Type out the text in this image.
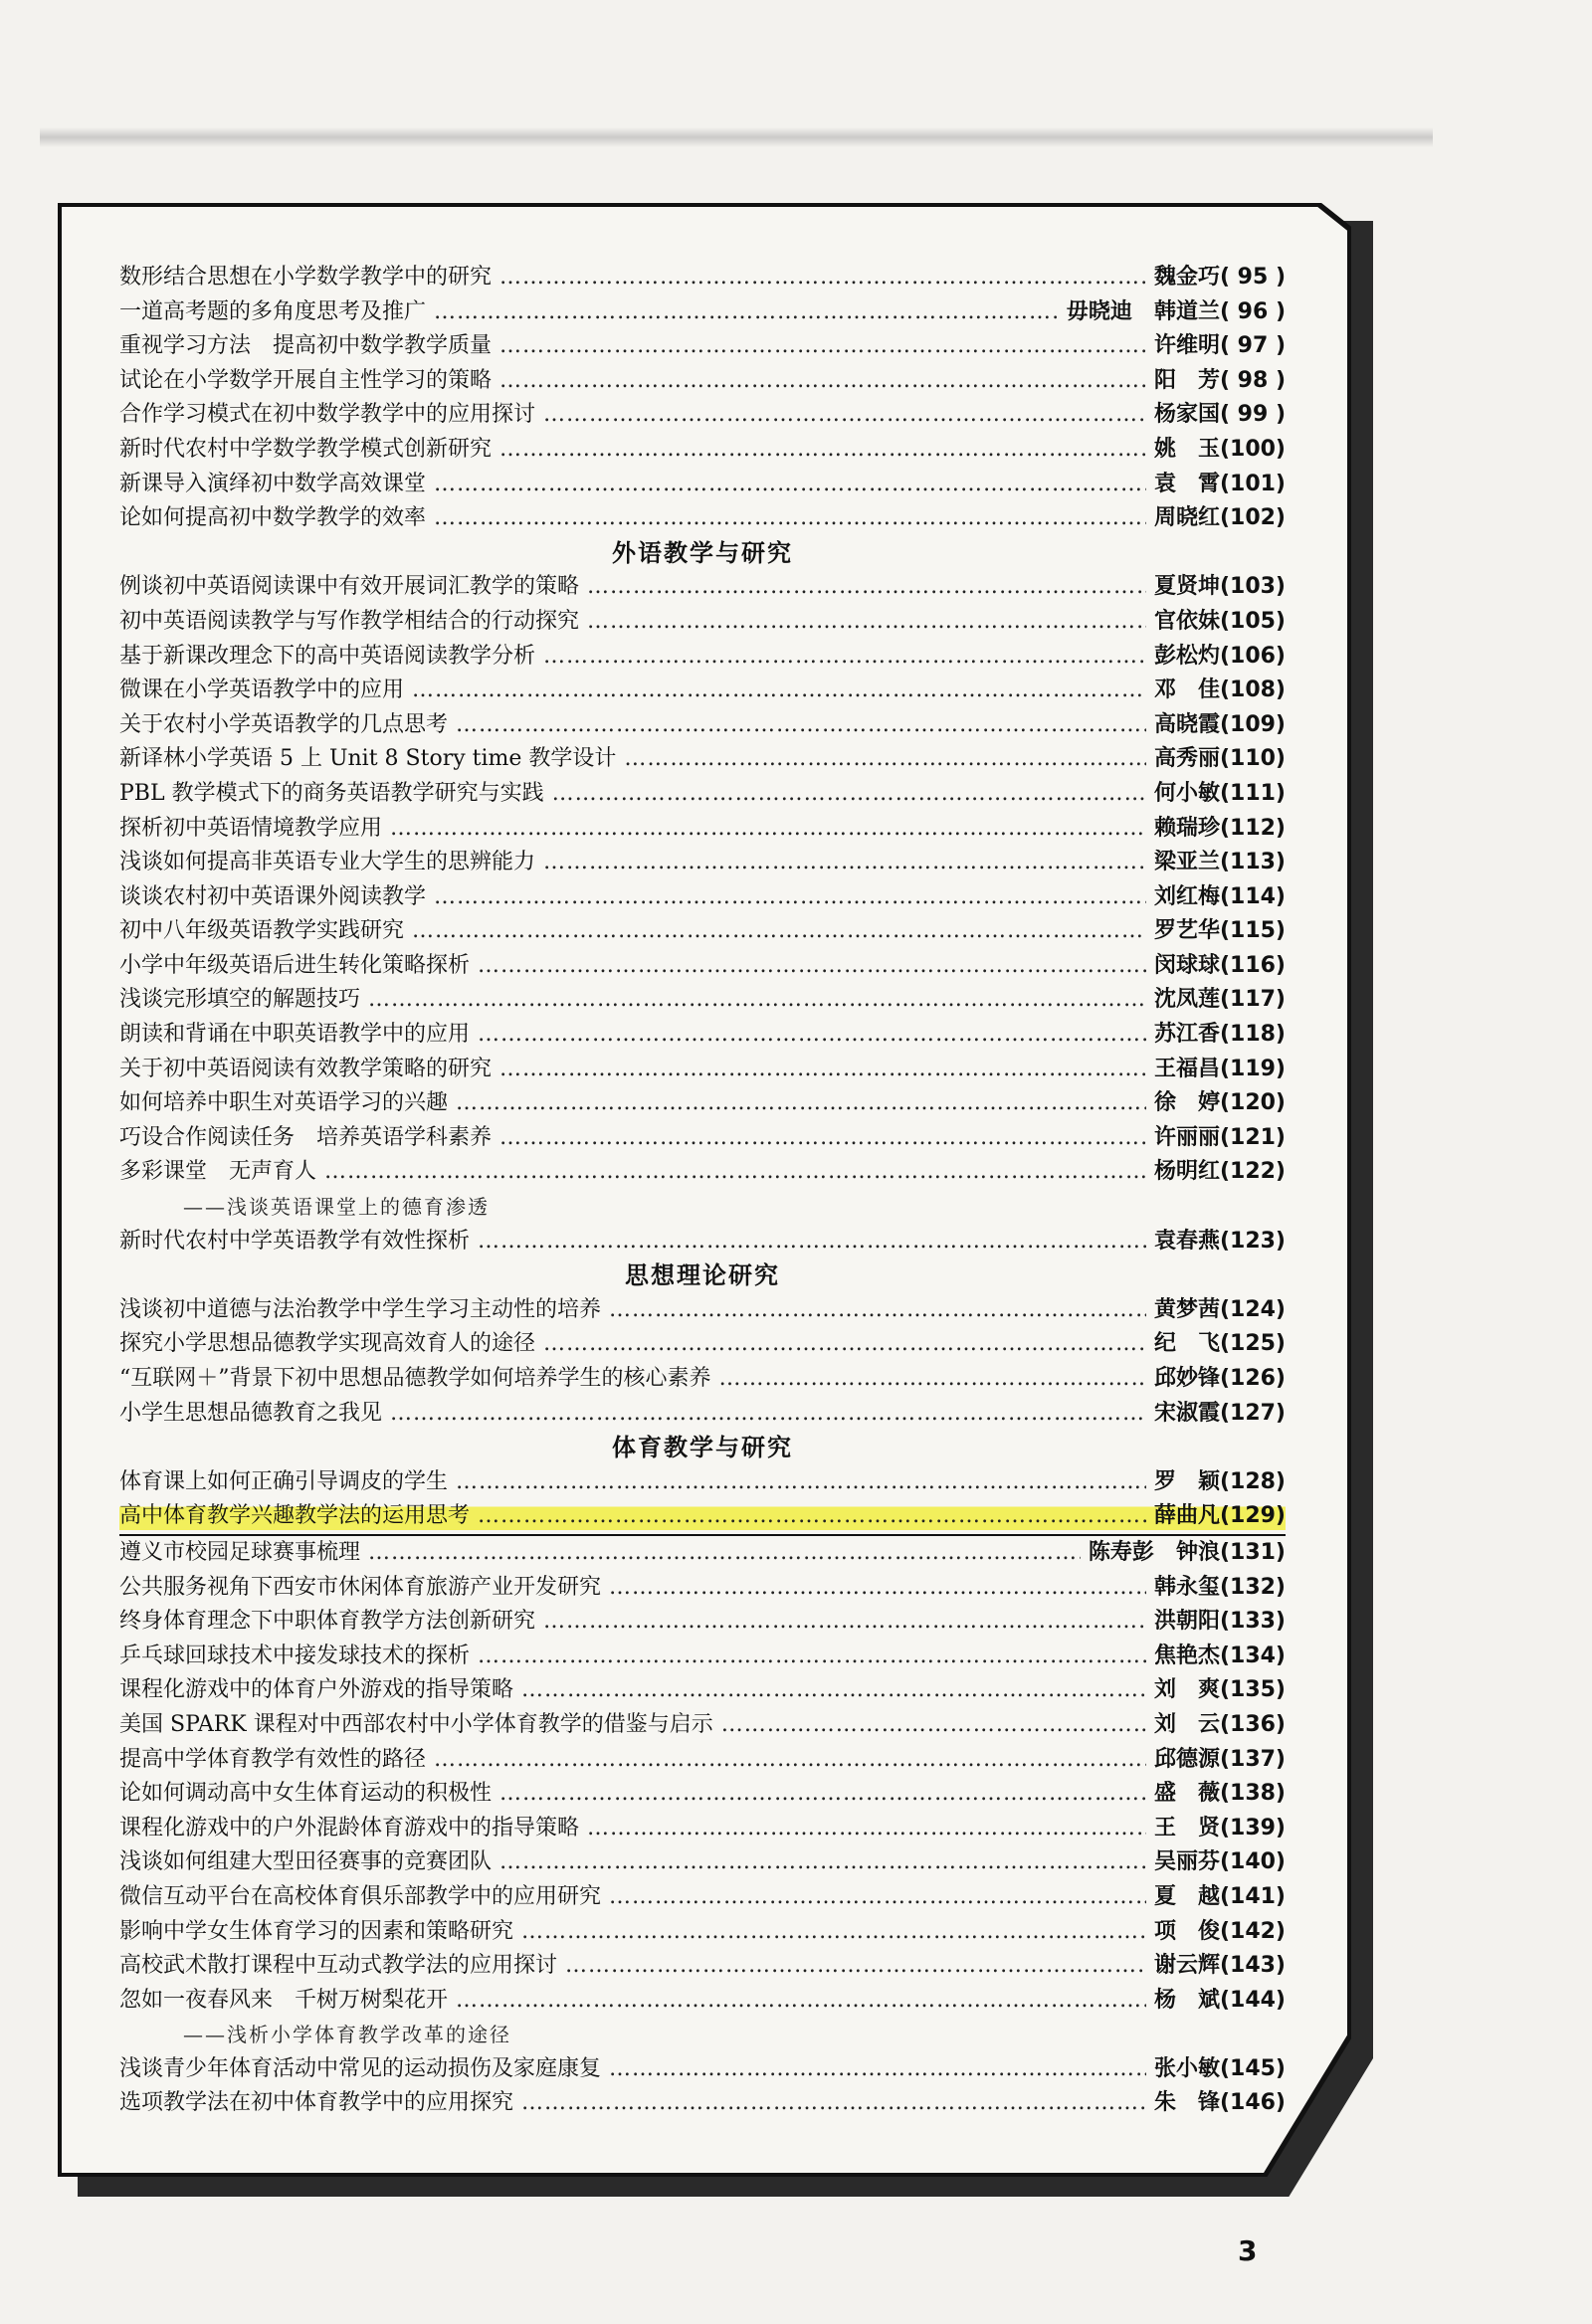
数形结合思想在小学数学教学中的研究 …………………………………………………………………………………………………………………………………………………………………………………………	魏金巧 ( 95 )
一道高考题的多角度思考及推广 …………………………………………………………………………………………………………………………………………………………………………………………	毋晓迪 韩道兰 ( 96 )
重视学习方法　提高初中数学教学质量 …………………………………………………………………………………………………………………………………………………………………………………………	许维明 ( 97 )
试论在小学数学开展自主性学习的策略 …………………………………………………………………………………………………………………………………………………………………………………………	阳　芳 ( 98 )
合作学习模式在初中数学教学中的应用探讨 …………………………………………………………………………………………………………………………………………………………………………………………	杨家国 ( 99 )
新时代农村中学数学教学模式创新研究 …………………………………………………………………………………………………………………………………………………………………………………………	姚　玉 (100)
新课导入演绎初中数学高效课堂 …………………………………………………………………………………………………………………………………………………………………………………………	袁　霄 (101)
论如何提高初中数学教学的效率 …………………………………………………………………………………………………………………………………………………………………………………………	周晓红 (102)
外语教学与研究
例谈初中英语阅读课中有效开展词汇教学的策略 …………………………………………………………………………………………………………………………………………………………………………………………	夏贤坤 (103)
初中英语阅读教学与写作教学相结合的行动探究 …………………………………………………………………………………………………………………………………………………………………………………………	官依妹 (105)
基于新课改理念下的高中英语阅读教学分析 …………………………………………………………………………………………………………………………………………………………………………………………	彭松灼 (106)
微课在小学英语教学中的应用 …………………………………………………………………………………………………………………………………………………………………………………………	邓　佳 (108)
关于农村小学英语教学的几点思考 …………………………………………………………………………………………………………………………………………………………………………………………	高晓霞 (109)
新译林小学英语 5 上 Unit 8 Story time 教学设计 …………………………………………………………………………………………………………………………………………………………………………………………	高秀丽 (110)
PBL 教学模式下的商务英语教学研究与实践 …………………………………………………………………………………………………………………………………………………………………………………………	何小敏 (111)
探析初中英语情境教学应用 …………………………………………………………………………………………………………………………………………………………………………………………	赖瑞珍 (112)
浅谈如何提高非英语专业大学生的思辨能力 …………………………………………………………………………………………………………………………………………………………………………………………	梁亚兰 (113)
谈谈农村初中英语课外阅读教学 …………………………………………………………………………………………………………………………………………………………………………………………	刘红梅 (114)
初中八年级英语教学实践研究 …………………………………………………………………………………………………………………………………………………………………………………………	罗艺华 (115)
小学中年级英语后进生转化策略探析 …………………………………………………………………………………………………………………………………………………………………………………………	闵球球 (116)
浅谈完形填空的解题技巧 …………………………………………………………………………………………………………………………………………………………………………………………	沈凤莲 (117)
朗读和背诵在中职英语教学中的应用 …………………………………………………………………………………………………………………………………………………………………………………………	苏江香 (118)
关于初中英语阅读有效教学策略的研究 …………………………………………………………………………………………………………………………………………………………………………………………	王福昌 (119)
如何培养中职生对英语学习的兴趣 …………………………………………………………………………………………………………………………………………………………………………………………	徐　婷 (120)
巧设合作阅读任务　培养英语学科素养 …………………………………………………………………………………………………………………………………………………………………………………………	许丽丽 (121)
多彩课堂　无声育人 …………………………………………………………………………………………………………………………………………………………………………………………	杨明红 (122)
——浅谈英语课堂上的德育渗透
新时代农村中学英语教学有效性探析 …………………………………………………………………………………………………………………………………………………………………………………………	袁春燕 (123)
思想理论研究
浅谈初中道德与法治教学中学生学习主动性的培养 …………………………………………………………………………………………………………………………………………………………………………………………	黄梦茜 (124)
探究小学思想品德教学实现高效育人的途径 …………………………………………………………………………………………………………………………………………………………………………………………	纪　飞 (125)
“互联网＋”背景下初中思想品德教学如何培养学生的核心素养 …………………………………………………………………………………………………………………………………………………………………………………………	邱妙锋 (126)
小学生思想品德教育之我见 …………………………………………………………………………………………………………………………………………………………………………………………	宋淑霞 (127)
体育教学与研究
体育课上如何正确引导调皮的学生 …………………………………………………………………………………………………………………………………………………………………………………………	罗　颖 (128)
高中体育教学兴趣教学法的运用思考 …………………………………………………………………………………………………………………………………………………………………………………………	薛曲凡 (129)
遵义市校园足球赛事梳理 …………………………………………………………………………………………………………………………………………………………………………………………	陈寿彭 钟浪 (131)
公共服务视角下西安市休闲体育旅游产业开发研究 …………………………………………………………………………………………………………………………………………………………………………………………	韩永玺 (132)
终身体育理念下中职体育教学方法创新研究 …………………………………………………………………………………………………………………………………………………………………………………………	洪朝阳 (133)
乒乓球回球技术中接发球技术的探析 …………………………………………………………………………………………………………………………………………………………………………………………	焦艳杰 (134)
课程化游戏中的体育户外游戏的指导策略 …………………………………………………………………………………………………………………………………………………………………………………………	刘　爽 (135)
美国 SPARK 课程对中西部农村中小学体育教学的借鉴与启示 …………………………………………………………………………………………………………………………………………………………………………………………	刘　云 (136)
提高中学体育教学有效性的路径 …………………………………………………………………………………………………………………………………………………………………………………………	邱德源 (137)
论如何调动高中女生体育运动的积极性 …………………………………………………………………………………………………………………………………………………………………………………………	盛　薇 (138)
课程化游戏中的户外混龄体育游戏中的指导策略 …………………………………………………………………………………………………………………………………………………………………………………………	王　贤 (139)
浅谈如何组建大型田径赛事的竞赛团队 …………………………………………………………………………………………………………………………………………………………………………………………	吴丽芬 (140)
微信互动平台在高校体育俱乐部教学中的应用研究 …………………………………………………………………………………………………………………………………………………………………………………………	夏　越 (141)
影响中学女生体育学习的因素和策略研究 …………………………………………………………………………………………………………………………………………………………………………………………	项　俊 (142)
高校武术散打课程中互动式教学法的应用探讨 …………………………………………………………………………………………………………………………………………………………………………………………	谢云辉 (143)
忽如一夜春风来　千树万树梨花开 …………………………………………………………………………………………………………………………………………………………………………………………	杨　斌 (144)
——浅析小学体育教学改革的途径
浅谈青少年体育活动中常见的运动损伤及家庭康复 …………………………………………………………………………………………………………………………………………………………………………………………	张小敏 (145)
选项教学法在初中体育教学中的应用探究 …………………………………………………………………………………………………………………………………………………………………………………………	朱　锋 (146)
3
